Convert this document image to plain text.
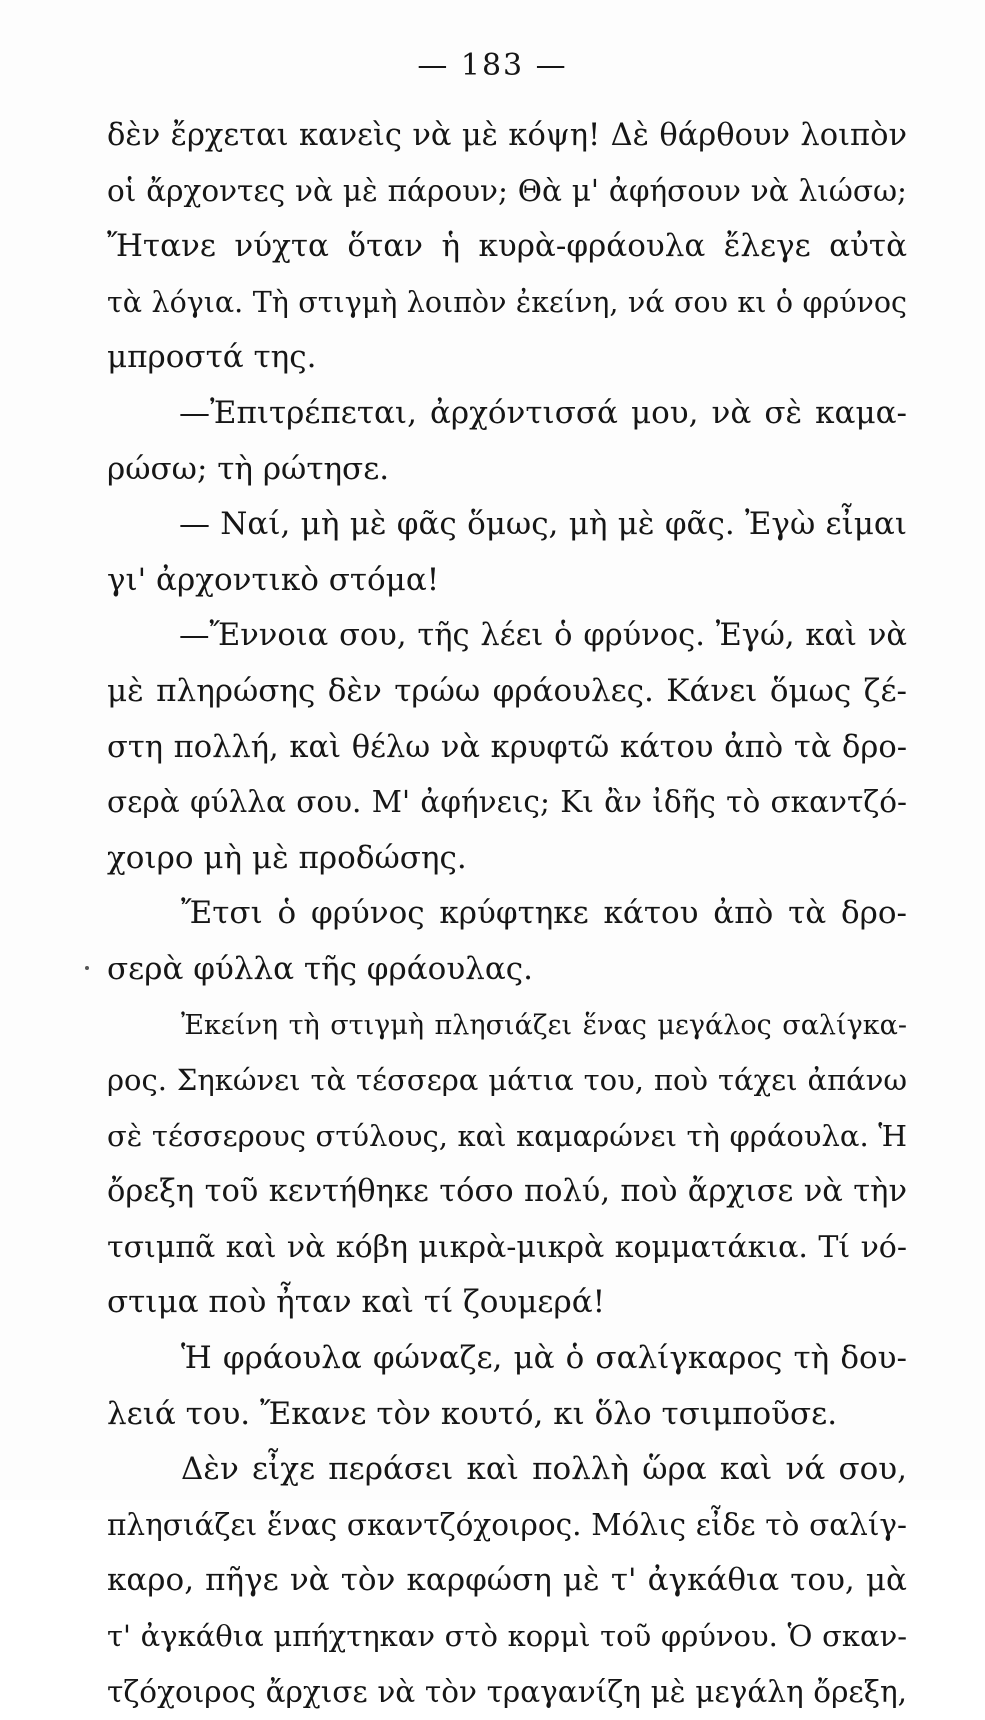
— 183 —
δὲν ἔρχεται κανεὶς νὰ μὲ κόψη! Δὲ θάρθουν λοιπὸν
οἱ ἄρχοντες νὰ μὲ πάρουν; Θὰ μ' ἀφήσουν νὰ λιώσω;
Ἤτανε νύχτα ὅταν ἡ κυρὰ-φράουλα ἔλεγε αὐτὰ
τὰ λόγια. Τὴ στιγμὴ λοιπὸν ἐκείνη, νά σου κι ὁ φρύνος
μπροστά της.
—Ἐπιτρέπεται, ἀρχόντισσά μου, νὰ σὲ καμα-
ρώσω; τὴ ρώτησε.
— Ναί, μὴ μὲ φᾶς ὅμως, μὴ μὲ φᾶς. Ἐγὼ εἶμαι
γι' ἀρχοντικὸ στόμα!
—Ἔννοια σου, τῆς λέει ὁ φρύνος. Ἐγώ, καὶ νὰ
μὲ πληρώσης δὲν τρώω φράουλες. Κάνει ὅμως ζέ-
στη πολλή, καὶ θέλω νὰ κρυφτῶ κάτου ἀπὸ τὰ δρο-
σερὰ φύλλα σου. Μ' ἀφήνεις; Κι ἂν ἰδῆς τὸ σκαντζό-
χοιρο μὴ μὲ προδώσης.
Ἔτσι ὁ φρύνος κρύφτηκε κάτου ἀπὸ τὰ δρο-
σερὰ φύλλα τῆς φράουλας.
Ἐκείνη τὴ στιγμὴ πλησιάζει ἕνας μεγάλος σαλίγκα-
ρος. Σηκώνει τὰ τέσσερα μάτια του, ποὺ τάχει ἀπάνω
σὲ τέσσερους στύλους, καὶ καμαρώνει τὴ φράουλα. Ἡ
ὄρεξη τοῦ κεντήθηκε τόσο πολύ, ποὺ ἄρχισε νὰ τὴν
τσιμπᾶ καὶ νὰ κόβη μικρὰ-μικρὰ κομματάκια. Τί νό-
στιμα ποὺ ἦταν καὶ τί ζουμερά!
Ἡ φράουλα φώναζε, μὰ ὁ σαλίγκαρος τὴ δου-
λειά του. Ἔκανε τὸν κουτό, κι ὅλο τσιμποῦσε.
Δὲν εἶχε περάσει καὶ πολλὴ ὥρα καὶ νά σου,
πλησιάζει ἕνας σκαντζόχοιρος. Μόλις εἶδε τὸ σαλίγ-
καρο, πῆγε νὰ τὸν καρφώση μὲ τ' ἀγκάθια του, μὰ
τ' ἀγκάθια μπήχτηκαν στὸ κορμὶ τοῦ φρύνου. Ὁ σκαν-
τζόχοιρος ἄρχισε νὰ τὸν τραγανίζη μὲ μεγάλη ὄρεξη,
